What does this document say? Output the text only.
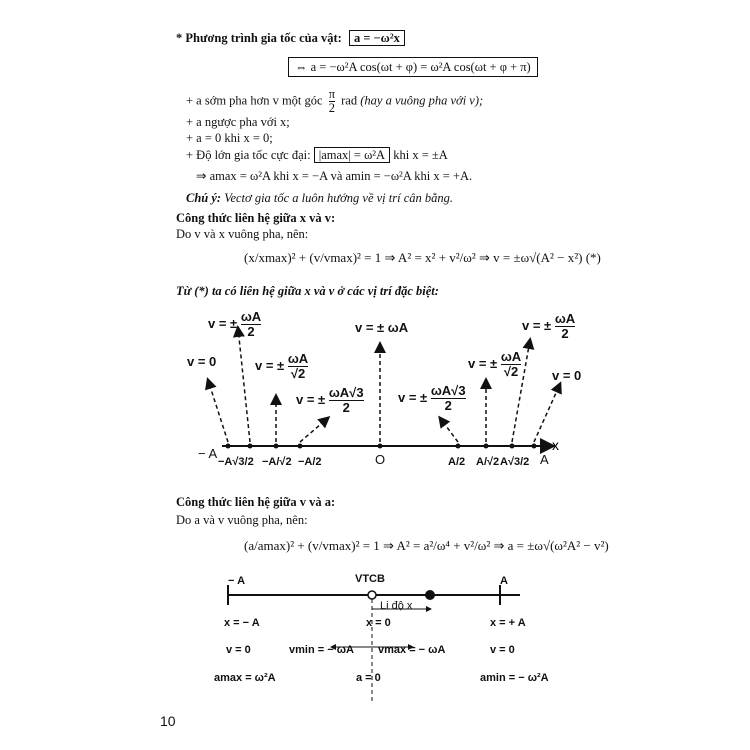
* Phương trình gia tốc của vật: a = −ω²x
⇔ a = −ω²A cos(ωt + φ) = ω²A cos(ωt + φ + π)
+ a sớm pha hơn v một góc $\frac{\pi}{2}$ rad (hay a vuông pha với v);
+ a ngược pha với x;
+ a = 0 khi x = 0;
+ Độ lớn gia tốc cực đại: |amax| = ω²A khi x = ±A
⇒ amax = ω²A khi x = −A và amin = −ω²A khi x = +A.
Chú ý: Vectơ gia tốc a luôn hướng về vị trí cân bằng.
Công thức liên hệ giữa x và v:
Do v và x vuông pha, nên:
(x/xmax)² + (v/vmax)² = 1 ⇒ A² = x² + v²/ω² ⇒ v = ±ω√(A² − x²) (*)
Từ (*) ta có liên hệ giữa x và v ở các vị trí đặc biệt:
x
v = ± $\frac{\omega A}{2}$
v = 0	v = ± $\frac{\omega A}{√2}$
v = ± $\frac{\omega A√3}{2}$
v = ± ωA
v = ± $\frac{\omega A√3}{2}$
v = ± $\frac{\omega A}{√2}$
v = ± $\frac{\omega A}{2}$
v = 0
− A
−A√3/2 −A/√2 −A/2	O	A/2 A/√2 A√3/2 A
Công thức liên hệ giữa v và a:
Do a và v vuông pha, nên:
(a/amax)² + (v/vmax)² = 1 ⇒ A² = a²/ω⁴ + v²/ω² ⇒ a = ±ω√(ω²A² − v²)
− A	A
VTCB
Li độ x
x = − A	x = 0	x = + A
v = 0	vmin = − ωA vmax = − ωA	v = 0
amax = ω²A	a = 0	amin = − ω²A
10
